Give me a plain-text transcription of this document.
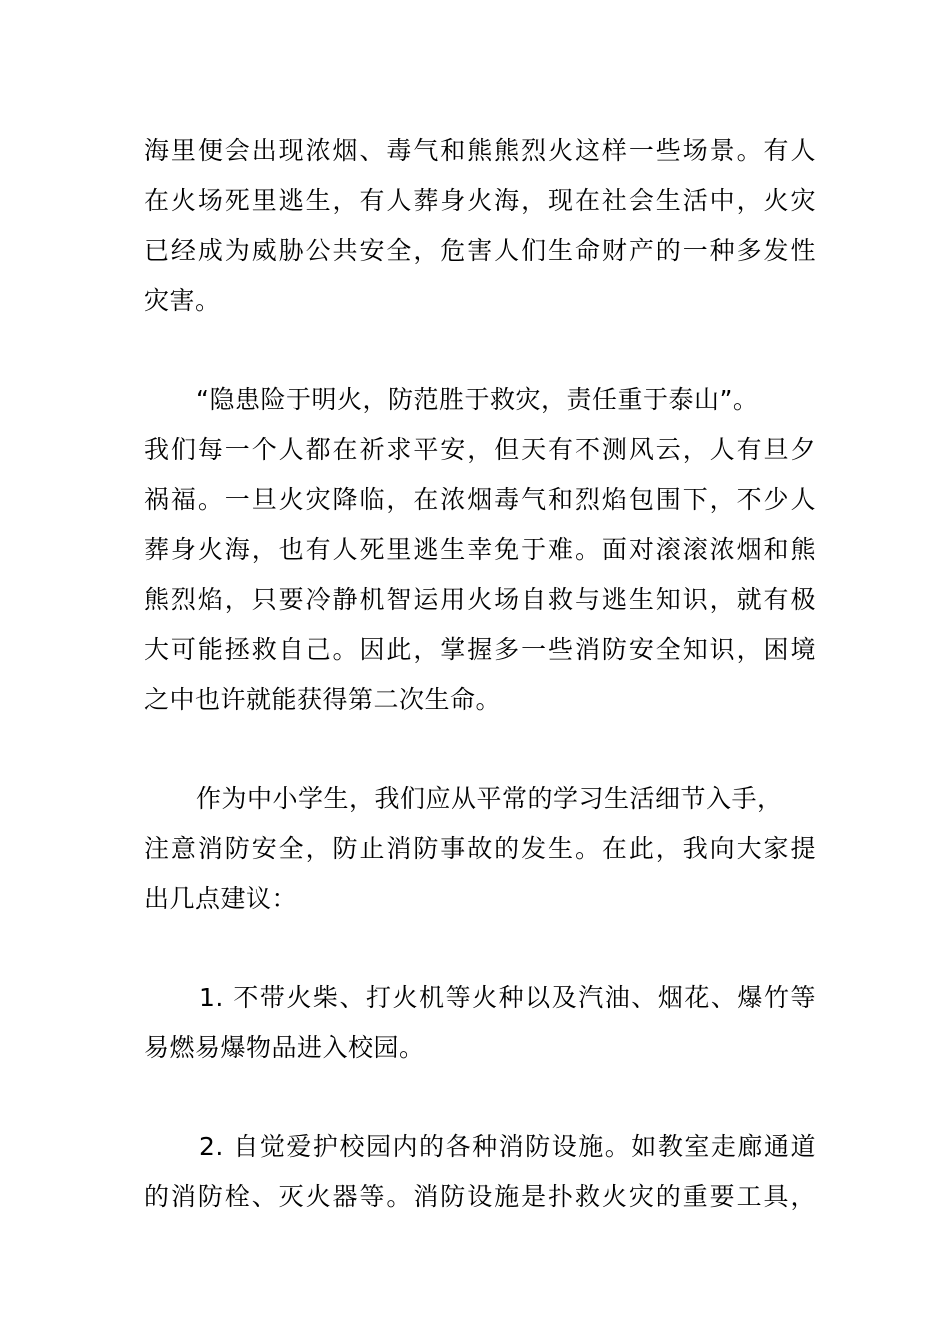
海里便会出现浓烟、毒气和熊熊烈火这样一些场景。有人
在火场死里逃生，有人葬身火海，现在社会生活中，火灾
已经成为威胁公共安全，危害人们生命财产的一种多发性
灾害。
“隐患险于明火，防范胜于救灾，责任重于泰山”。
我们每一个人都在祈求平安，但天有不测风云，人有旦夕
祸福。一旦火灾降临，在浓烟毒气和烈焰包围下，不少人
葬身火海，也有人死里逃生幸免于难。面对滚滚浓烟和熊
熊烈焰，只要冷静机智运用火场自救与逃生知识，就有极
大可能拯救自己。因此，掌握多一些消防安全知识，困境
之中也许就能获得第二次生命。
作为中小学生，我们应从平常的学习生活细节入手，
注意消防安全，防止消防事故的发生。在此，我向大家提
出几点建议：
1. 不带火柴、打火机等火种以及汽油、烟花、爆竹等
易燃易爆物品进入校园。
2. 自觉爱护校园内的各种消防设施。如教室走廊通道
的消防栓、灭火器等。消防设施是扑救火灾的重要工具，
